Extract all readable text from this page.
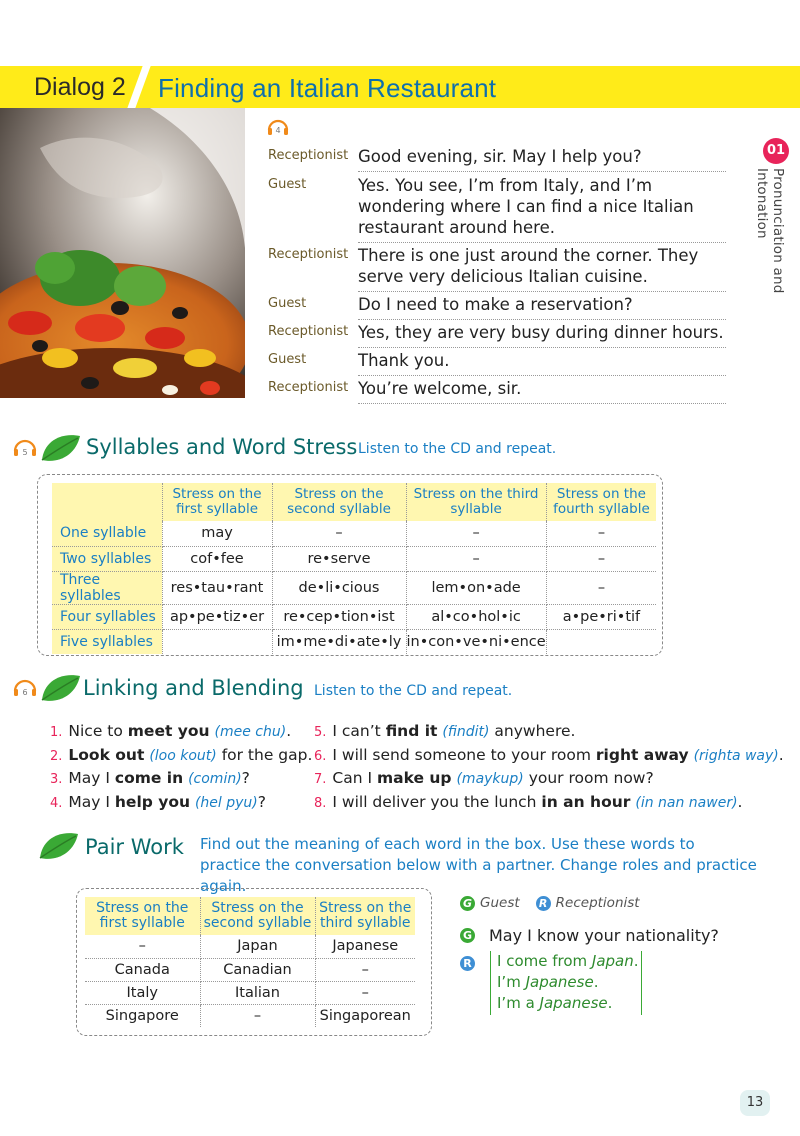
Dialog 2 Finding an Italian Restaurant
4
Receptionist Good evening, sir. May I help you?
Guest	Yes. You see, I’m from Italy, and I’m wondering where I can find a nice Italian restaurant around here.
Receptionist There is one just around the corner. They serve very delicious Italian cuisine.
Guest	Do I need to make a reservation?
Receptionist Yes, they are very busy during dinner hours.
Guest	Thank you.
Receptionist You’re welcome, sir.
01
Pronunciation and Intonation
5	Syllables and Word Stress Listen to the CD and repeat.
	Stress on the first syllable	Stress on the second syllable	Stress on the third syllable	Stress on the fourth syllable
One syllable	may	–	–	–
Two syllables	cof•fee	re•serve	–	–
Three syllables	res•tau•rant	de•li•cious	lem•on•ade	–
Four syllables	ap•pe•tiz•er	re•cep•tion•ist	al•co•hol•ic	a•pe•ri•tif
Five syllables		im•me•di•ate•ly	in•con•ve•ni•ence	
6	Linking and Blending Listen to the CD and repeat.
1. Nice to meet you (mee chu).
2. Look out (loo kout) for the gap.
3. May I come in (comin)?
4. May I help you (hel pyu)?
5. I can’t find it (findit) anywhere.
6. I will send someone to your room right away (righta way).
7. Can I make up (maykup) your room now?
8. I will deliver you the lunch in an hour (in nan nawer).
Pair Work Find out the meaning of each word in the box. Use these words to practice the conversation below with a partner. Change roles and practice again.
Stress on the first syllable	Stress on the second syllable	Stress on the third syllable
–	Japan	Japanese
Canada	Canadian	–
Italy	Italian	–
Singapore	–	Singaporean
G Guest R Receptionist
G May I know your nationality?
R I come from Japan.
I’m Japanese.
I’m a Japanese.
13
